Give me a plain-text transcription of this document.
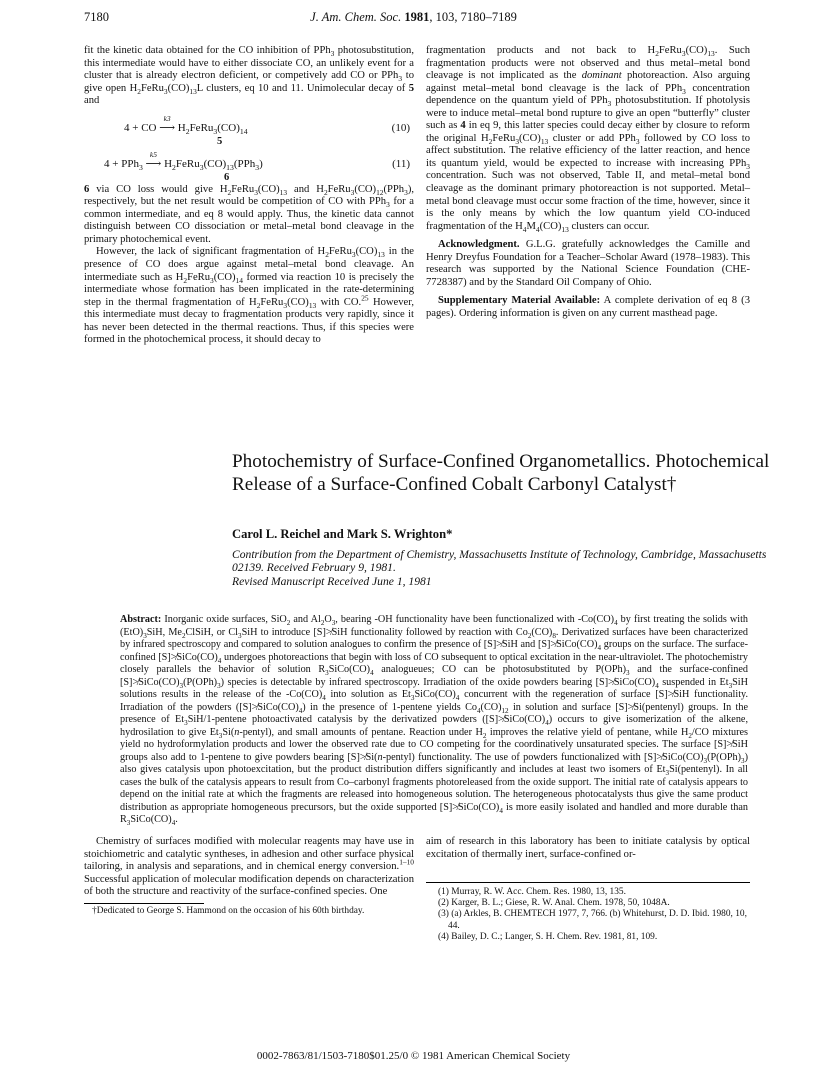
7180	J. Am. Chem. Soc. 1981, 103, 7180–7189

fit the kinetic data obtained for the CO inhibition of PPh$_3$ photosubstitution, this intermediate would have to either dissociate CO, an unlikely event for a cluster that is already electron deficient, or competively add CO or PPh$_3$ to give open $H_2FeRu_3(CO)_{13}L$ clusters, eq 10 and 11. Unimolecular decay of 5 and

4 + CO ⟶
k3
$H_2FeRu_3(CO)_{14}$
5
(10)
4 + PPh$_3$ ⟶
k5
$H_2FeRu_3(CO)_{13}(PPh_3)$
6
(11)

6 via CO loss would give $H_2FeRu_3(CO)_{13}$ and $H_2FeRu_3(CO)_{12}(PPh_3)$, respectively, but the net result would be competition of CO with PPh$_3$ for a common intermediate, and eq 8 would apply. Thus, the kinetic data cannot distinguish between CO dissociation or metal–metal bond cleavage in the primary photochemical event.

However, the lack of significant fragmentation of $H_2FeRu_3(CO)_{13}$ in the presence of CO does argue against metal–metal bond cleavage. An intermediate such as $H_2FeRu_3(CO)_{14}$ formed via reaction 10 is precisely the intermediate whose formation has been implicated in the rate-determining step in the thermal fragmentation of $H_2FeRu_3(CO)_{13}$ with CO.$^{25}$ However, this intermediate must decay to fragmentation products very rapidly, since it has never been detected in the thermal reactions. Thus, if this species were formed in the photochemical process, it should decay to

fragmentation products and not back to $H_2FeRu_3(CO)_{13}$. Such fragmentation products were not observed and thus metal–metal bond cleavage is not implicated as the dominant photoreaction. Also arguing against metal–metal bond cleavage is the lack of PPh$_3$ concentration dependence on the quantum yield of PPh$_3$ photosubstitution. If photolysis were to induce metal–metal bond rupture to give an open “butterfly” cluster such as 4 in eq 9, this latter species could decay either by closure to reform the original $H_2FeRu_3(CO)_{13}$ cluster or add PPh$_3$ followed by CO loss to affect substitution. The relative efficiency of the latter reaction, and hence its quantum yield, would be expected to increase with increasing PPh$_3$ concentration. Such was not observed, Table II, and metal–metal bond cleavage as the dominant primary photoreaction is not supported. Metal–metal bond cleavage must occur some fraction of the time, however, since it is the only means by which the low quantum yield CO-induced fragmentation of the $H_4M_4(CO)_{13}$ clusters can occur.

Acknowledgment. G.L.G. gratefully acknowledges the Camille and Henry Dreyfus Foundation for a Teacher–Scholar Award (1978–1983). This research was supported by the National Science Foundation (CHE-7728387) and by the Standard Oil Company of Ohio.

Supplementary Material Available: A complete derivation of eq 8 (3 pages). Ordering information is given on any current masthead page.

Photochemistry of Surface-Confined Organometallics. Photochemical Release of a Surface-Confined Cobalt Carbonyl Catalyst†
Carol L. Reichel and Mark S. Wrighton*
Contribution from the Department of Chemistry, Massachusetts Institute of Technology, Cambridge, Massachusetts 02139. Received February 9, 1981.
Revised Manuscript Received June 1, 1981

Abstract: Inorganic oxide surfaces, SiO$_2$ and $Al_2O_3$, bearing -OH functionality have been functionalized with $-Co(CO)_4$ by first treating the solids with $(EtO)_3SiH$, $Me_2ClSiH$, or $Cl_3SiH$ to introduce [S]≯SiH functionality followed by reaction with $Co_2(CO)_8$. Derivatized surfaces have been characterized by infrared spectroscopy and compared to solution analogues to confirm the presence of [S]≯SiH and $[S]≯SiCo(CO)_4$ groups on the surface. The surface-confined $[S]≯SiCo(CO)_4$ undergoes photoreactions that begin with loss of CO subsequent to optical excitation in the near-ultraviolet. The photochemistry closely parallels the behavior of solution $R_3SiCo(CO)_4$ analogueues; CO can be photosubstituted by $P(OPh)_3$ and the surface-confined $[S]≯SiCo(CO)_3(P(OPh)_3)$ species is detectable by infrared spectroscopy. Irradiation of the oxide powders bearing $[S]≯SiCo(CO)_4$ suspended in $Et_3SiH$ solutions results in the release of the $-Co(CO)_4$ into solution as $Et_3SiCo(CO)_4$ concurrent with the regeneration of surface [S]≯SiH functionality. Irradiation of the powders $([S]≯SiCo(CO)_4)$ in the presence of 1-pentene yields $Co_4(CO)_{12}$ in solution and surface [S]≯Si(pentenyl) groups. In the presence of $Et_3SiH/1$-pentene photoactivated catalysis by the derivatized powders $([S]≯SiCo(CO)_4)$ occurs to give isomerization of the alkene, hydrosilation to give $Et_3Si(n-pentyl)$, and small amounts of pentane. Reaction under $H_2$ improves the relative yield of pentane, while $H_2/CO$ mixtures yield no hydroformylation products and lower the observed rate due to CO competing for the coordinatively unsaturated species. The surface [S]≯SiH groups also add to 1-pentene to give powders bearing [S]≯Si(n-pentyl) functionality. The use of powders functionalized with $[S]≯SiCo(CO)_3(P(OPh)_3)$ also gives catalysis upon photoexcitation, but the product distribution differs significantly and includes at least two isomers of $Et_3Si(pentenyl)$. In all cases the bulk of the catalysis appears to result from Co–carbonyl fragments photoreleased from the oxide support. The initial rate of catalysis appears to depend on the initial rate at which the fragments are released into homogeneous solution. The heterogeneous photocatalysts thus give the same product distribution as appropriate homogeneous precursors, but the oxide supported $[S]≯SiCo(CO)_4$ is more easily isolated and handled and more durable than $R_3SiCo(CO)_4$.

Chemistry of surfaces modified with molecular reagents may have use in stoichiometric and catalytic syntheses, in adhesion and other surface physical tailoring, in analysis and separations, and in chemical energy conversion.$^{1-10}$ Successful application of molecular modification depends on characterization of both the structure and reactivity of the surface-confined species. One

†Dedicated to George S. Hammond on the occasion of his 60th birthday.

aim of research in this laboratory has been to initiate catalysis by optical excitation of thermally inert, surface-confined or-

(1) Murray, R. W. Acc. Chem. Res. 1980, 13, 135.

(2) Karger, B. L.; Giese, R. W. Anal. Chem. 1978, 50, 1048A.

(3) (a) Arkles, B. CHEMTECH 1977, 7, 766. (b) Whitehurst, D. D. Ibid. 1980, 10, 44.

(4) Bailey, D. C.; Langer, S. H. Chem. Rev. 1981, 81, 109.

0002-7863/81/1503-7180$01.25/0 © 1981 American Chemical Society
